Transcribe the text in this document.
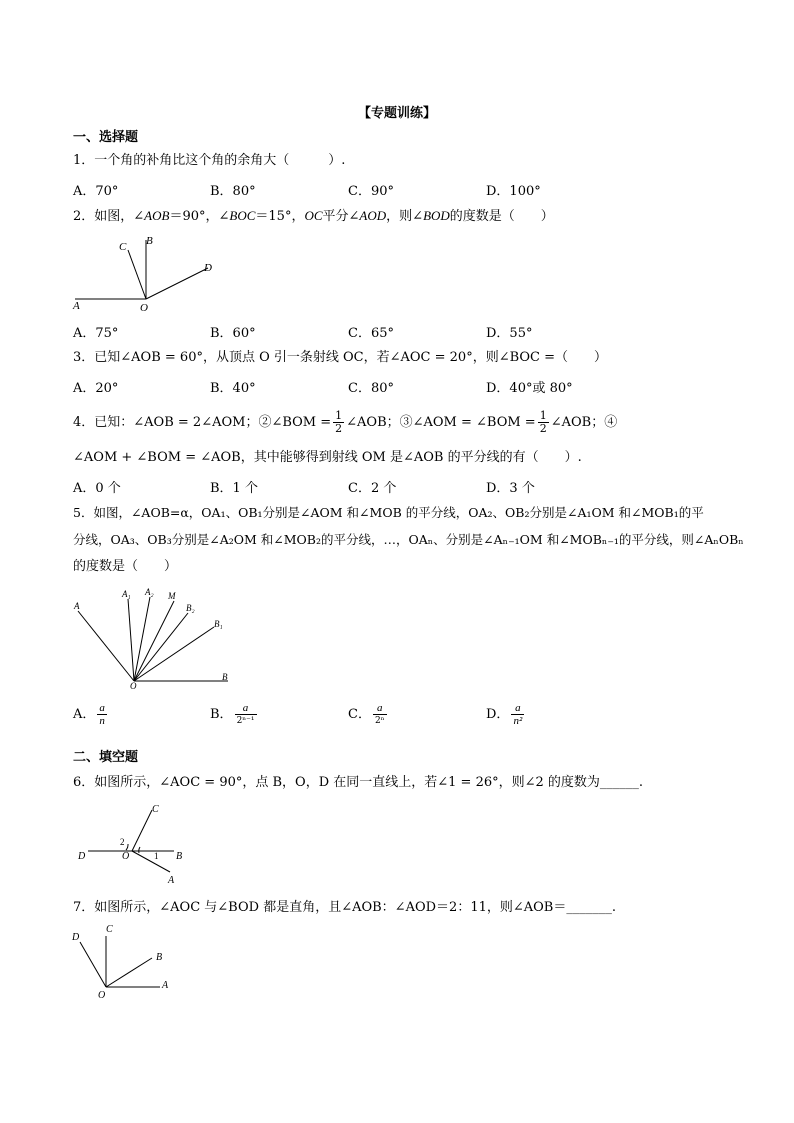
【专题训练】
一、选择题
1．一个角的补角比这个角的余角大（　　　）.
A．70°	B．80°	C．90°	D．100°
2．如图，∠AOB＝90°，∠BOC＝15°，OC平分∠AOD，则∠BOD的度数是（　　）
A
B
C
D
O
A．75°	B．60°	C．65°	D．55°
3．已知∠AOB = 60°，从顶点 O 引一条射线 OC，若∠AOC = 20°，则∠BOC =（　　）
A．20°	B．40°	C．80°	D．40°或 80°
4．已知：∠AOB = 2∠AOM；②∠BOM = $\frac{1}{2}$ ∠AOB；③∠AOM = ∠BOM = $\frac{1}{2}$ ∠AOB；④
∠AOM + ∠BOM = ∠AOB，其中能够得到射线 OM 是∠AOB 的平分线的有（　　）.
A．0 个	B．1 个	C．2 个	D．3 个
5．如图，∠AOB=α，OA₁、OB₁分别是∠AOM 和∠MOB 的平分线，OA₂、OB₂分别是∠A₁OM 和∠MOB₁的平
分线，OA₃、OB₃分别是∠A₂OM 和∠MOB₂的平分线，…，OAₙ、分别是∠Aₙ₋₁OM 和∠MOBₙ₋₁的平分线，则∠AₙOBₙ
的度数是（　　）
A
A₁ A₂ M
B₂
B₁
B
O
A． $\frac{a}{n}$	B． $\frac{a}{\text{2ⁿ⁻¹}}$	C． $\frac{a}{\text{2ⁿ}}$	D． $\frac{a}{\text{n²}}$
二、填空题
6．如图所示，∠AOC = 90°，点 B，O，D 在同一直线上，若∠1 = 26°，则∠2 的度数为______.
C
D	O	B
A
1
2
7．如图所示，∠AOC 与∠BOD 都是直角，且∠AOB：∠AOD＝2：11，则∠AOB＝_______.
D
C
B
O
A
